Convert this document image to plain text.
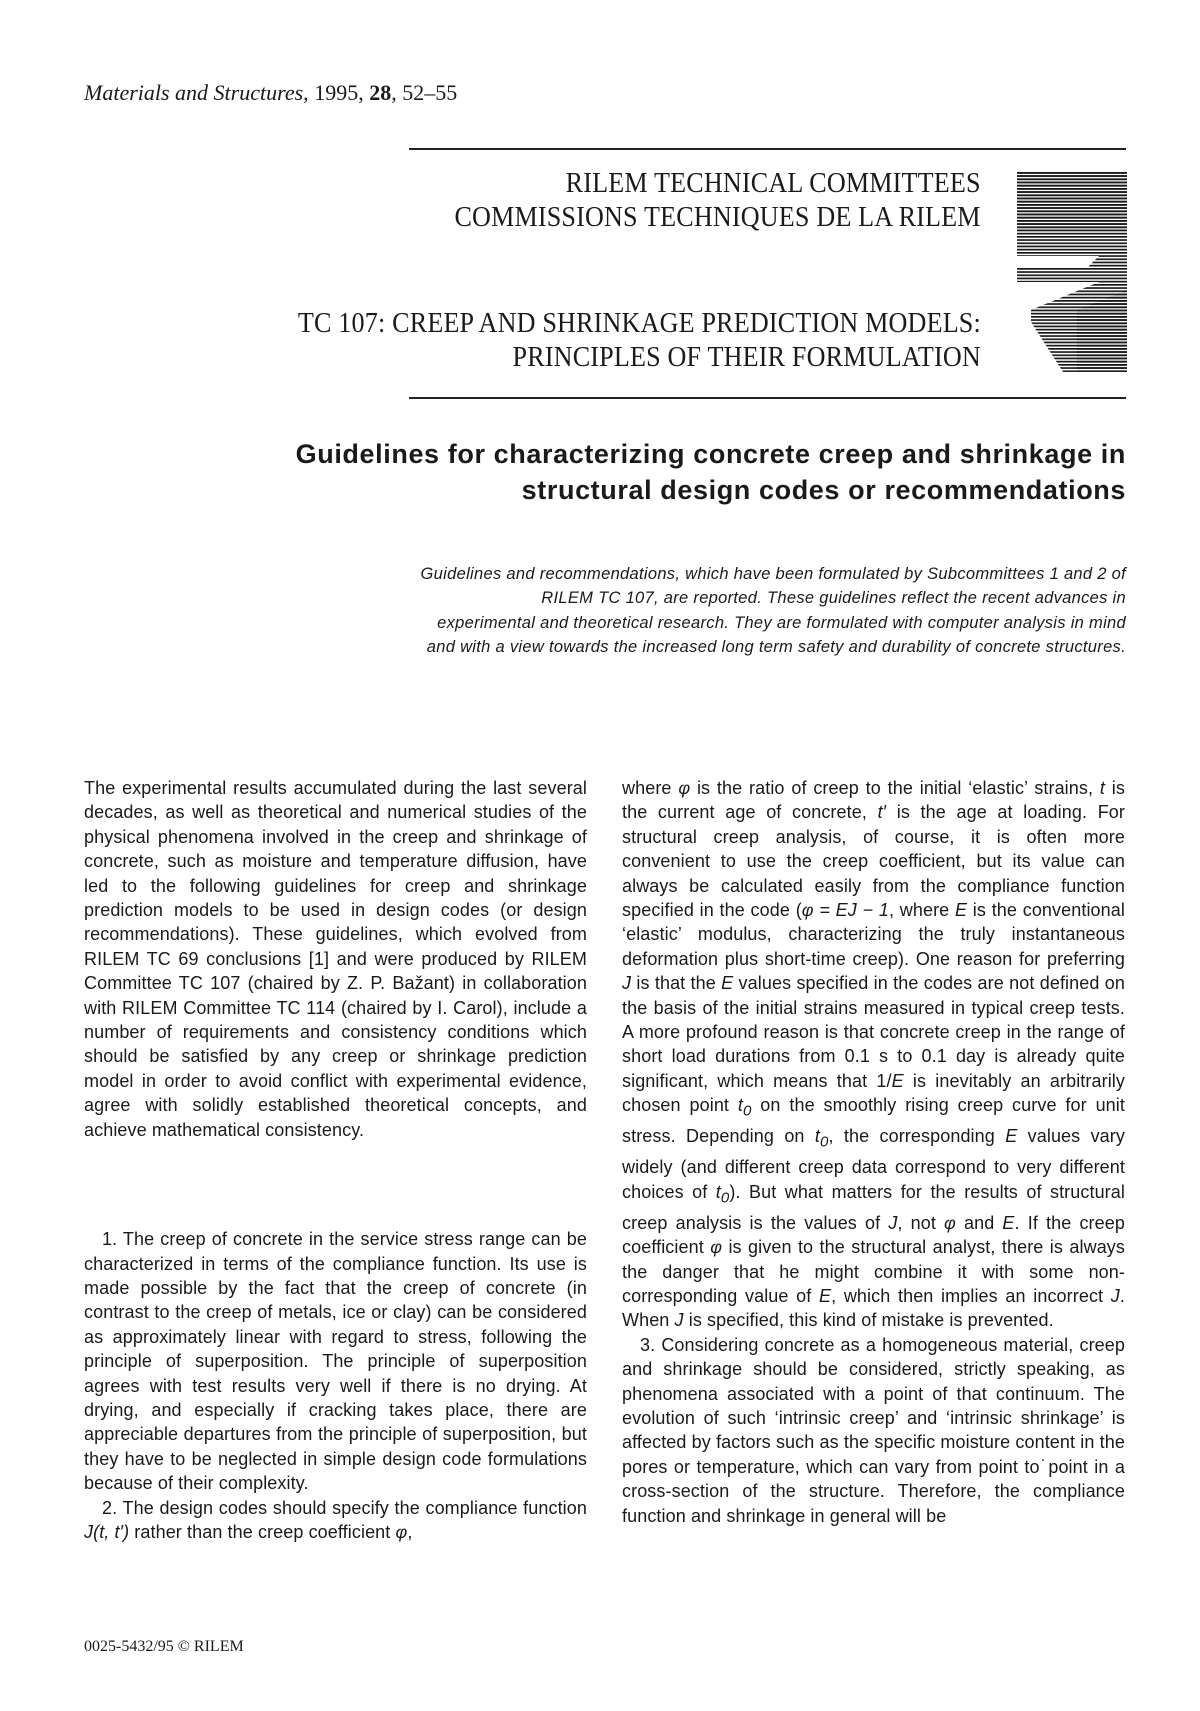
Materials and Structures, 1995, 28, 52–55
RILEM TECHNICAL COMMITTEES
COMMISSIONS TECHNIQUES DE LA RILEM
TC 107: CREEP AND SHRINKAGE PREDICTION MODELS:
PRINCIPLES OF THEIR FORMULATION
Guidelines for characterizing concrete creep and shrinkage in
structural design codes or recommendations
Guidelines and recommendations, which have been formulated by Subcommittees 1 and 2 of
RILEM TC 107, are reported. These guidelines reflect the recent advances in
experimental and theoretical research. They are formulated with computer analysis in mind
and with a view towards the increased long term safety and durability of concrete structures.

The experimental results accumulated during the last several decades, as well as theoretical and numerical studies of the physical phenomena involved in the creep and shrinkage of concrete, such as moisture and temperature diffusion, have led to the following guidelines for creep and shrinkage prediction models to be used in design codes (or design recommendations). These guidelines, which evolved from RILEM TC 69 conclusions [1] and were produced by RILEM Committee TC 107 (chaired by Z. P. Bažant) in collaboration with RILEM Committee TC 114 (chaired by I. Carol), include a number of requirements and consistency conditions which should be satisfied by any creep or shrinkage prediction model in order to avoid conflict with experimental evidence, agree with solidly established theoretical concepts, and achieve mathematical consistency.

1. The creep of concrete in the service stress range can be characterized in terms of the compliance function. Its use is made possible by the fact that the creep of concrete (in contrast to the creep of metals, ice or clay) can be considered as approximately linear with regard to stress, following the principle of superposition. The principle of superposition agrees with test results very well if there is no drying. At drying, and especially if cracking takes place, there are appreciable departures from the principle of superposition, but they have to be neglected in simple design code formulations because of their complexity.

2. The design codes should specify the compliance function J(t, t′) rather than the creep coefficient φ,

where φ is the ratio of creep to the initial ‘elastic’ strains, t is the current age of concrete, t′ is the age at loading. For structural creep analysis, of course, it is often more convenient to use the creep coefficient, but its value can always be calculated easily from the compliance function specified in the code (φ = EJ − 1, where E is the conventional ‘elastic’ modulus, characterizing the truly instantaneous deformation plus short-time creep). One reason for preferring J is that the E values specified in the codes are not defined on the basis of the initial strains measured in typical creep tests. A more profound reason is that concrete creep in the range of short load durations from 0.1 s to 0.1 day is already quite significant, which means that 1/E is inevitably an arbitrarily chosen point $t_0$ on the smoothly rising creep curve for unit stress. Depending on $t_0$, the corresponding E values vary widely (and different creep data correspond to very different choices of $t_0$). But what matters for the results of structural creep analysis is the values of J, not φ and E. If the creep coefficient φ is given to the structural analyst, there is always the danger that he might combine it with some non-corresponding value of E, which then implies an incorrect J. When J is specified, this kind of mistake is prevented.

3. Considering concrete as a homogeneous material, creep and shrinkage should be considered, strictly speaking, as phenomena associated with a point of that continuum. The evolution of such ‘intrinsic creep’ and ‘intrinsic shrinkage’ is affected by factors such as the specific moisture content in the pores or temperature, which can vary from point to˙point in a cross-section of the structure. Therefore, the compliance function and shrinkage in general will be

0025-5432/95 © RILEM
